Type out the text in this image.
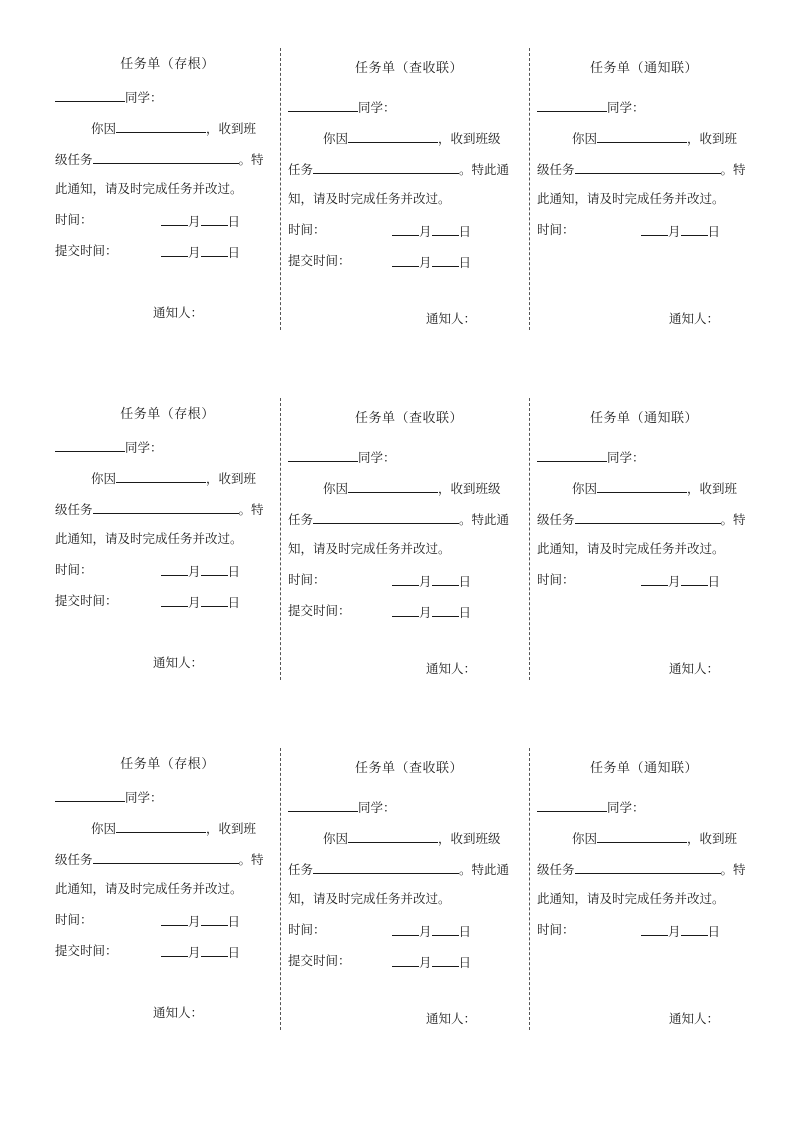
任务单（存根）
同学：
你因	，收到班
级任务	。特
此通知，请及时完成任务并改过。
时间：	月 日
提交时间：	月 日
通知人：
任务单（查收联）
同学：
你因	，收到班级
任务	。特此通
知，请及时完成任务并改过。
时间：	月 日
提交时间：	月 日
通知人：
任务单（通知联）
同学：
你因	，收到班
级任务	。特
此通知，请及时完成任务并改过。
时间：	月 日
通知人：
任务单（存根）
同学：
你因	，收到班
级任务	。特
此通知，请及时完成任务并改过。
时间：	月 日
提交时间：	月 日
通知人：
任务单（查收联）
同学：
你因	，收到班级
任务	。特此通
知，请及时完成任务并改过。
时间：	月 日
提交时间：	月 日
通知人：
任务单（通知联）
同学：
你因	，收到班
级任务	。特
此通知，请及时完成任务并改过。
时间：	月 日
通知人：
任务单（存根）
同学：
你因	，收到班
级任务	。特
此通知，请及时完成任务并改过。
时间：	月 日
提交时间：	月 日
通知人：
任务单（查收联）
同学：
你因	，收到班级
任务	。特此通
知，请及时完成任务并改过。
时间：	月 日
提交时间：	月 日
通知人：
任务单（通知联）
同学：
你因	，收到班
级任务	。特
此通知，请及时完成任务并改过。
时间：	月 日
通知人：
